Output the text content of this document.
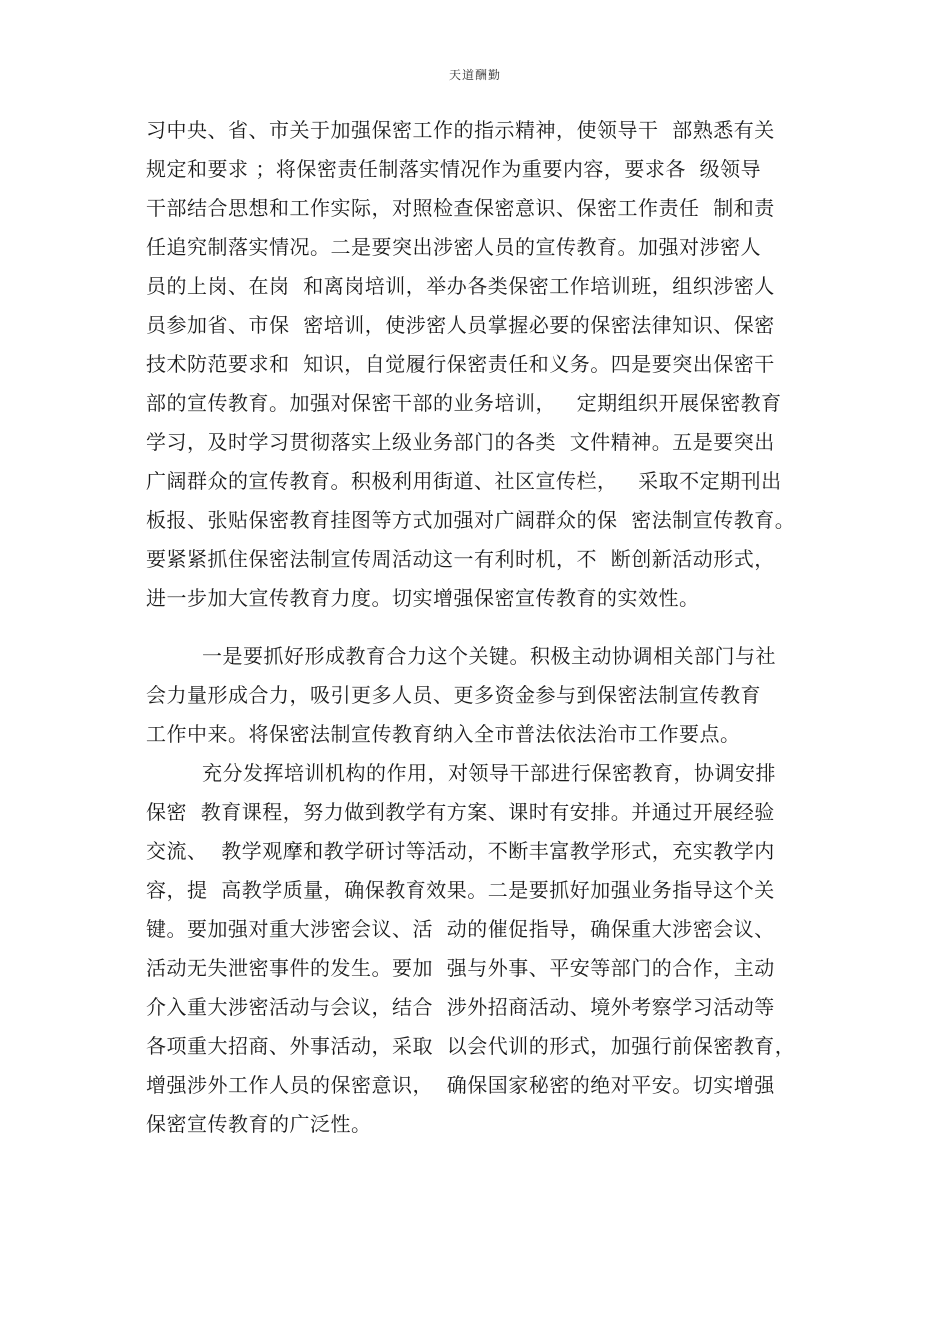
天道酬勤
习中央、省、市关于加强保密工作的指示精神，使领导干  部熟悉有关
规定和要求 ；将保密责任制落实情况作为重要内容，要求各  级领导
干部结合思想和工作实际，对照检查保密意识、保密工作责任  制和责
任追究制落实情况。二是要突出涉密人员的宣传教育。加强对涉密人
员的上岗、在岗  和离岗培训，举办各类保密工作培训班，组织涉密人
员参加省、市保  密培训，使涉密人员掌握必要的保密法律知识、保密
技术防范要求和  知识，自觉履行保密责任和义务。四是要突出保密干
部的宣传教育。加强对保密干部的业务培训，   定期组织开展保密教育
学习，及时学习贯彻落实上级业务部门的各类  文件精神。五是要突出
广阔群众的宣传教育。积极利用街道、社区宣传栏，   采取不定期刊出
板报、张贴保密教育挂图等方式加强对广阔群众的保  密法制宣传教育。
要紧紧抓住保密法制宣传周活动这一有利时机，不  断创新活动形式，
进一步加大宣传教育力度。切实增强保密宣传教育的实效性。
一是要抓好形成教育合力这个关键。积极主动协调相关部门与社
会力量形成合力，吸引更多人员、更多资金参与到保密法制宣传教育
工作中来。将保密法制宣传教育纳入全市普法依法治市工作要点。
充分发挥培训机构的作用，对领导干部进行保密教育，协调安排
保密  教育课程，努力做到教学有方案、课时有安排。并通过开展经验
交流、  教学观摩和教学研讨等活动，不断丰富教学形式，充实教学内
容，提  高教学质量，确保教育效果。二是要抓好加强业务指导这个关
键。要加强对重大涉密会议、活  动的催促指导，确保重大涉密会议、
活动无失泄密事件的发生。要加  强与外事、平安等部门的合作，主动
介入重大涉密活动与会议，结合  涉外招商活动、境外考察学习活动等
各项重大招商、外事活动，采取  以会代训的形式，加强行前保密教育，
增强涉外工作人员的保密意识，  确保国家秘密的绝对平安。切实增强
保密宣传教育的广泛性。
